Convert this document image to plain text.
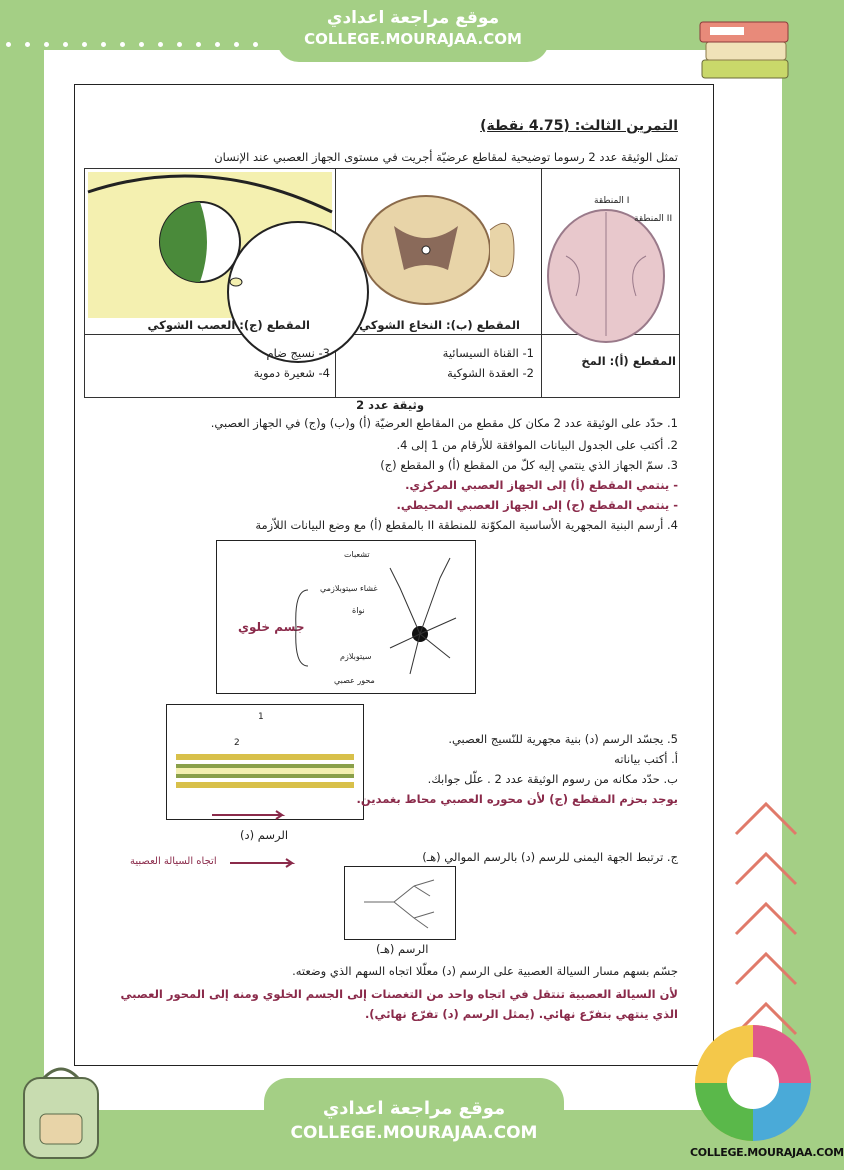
موقع مراجعة اعدادي
COLLEGE.MOURAJAA.COM
التمرين الثالث: (4.75 نقطة)
تمثل الوثيقة عدد 2 رسوما توضيحية لمقاطع عرضيّة أجريت في مستوى الجهاز العصبي عند الإنسان
المقطع (ج): العصب الشوكي	المقطع (ب): النخاع الشوكي
المنطقة I
المنطقة II
المقطع (أ): المخ
1- القناة السيسائية
2- العقدة الشوكية
3- نسيج ضام
4- شعيرة دموية
وثيقة عدد 2
1. حدّد على الوثيقة عدد 2 مكان كل مقطع من المقاطع العرضيّة (أ) و(ب) و(ج) في الجهاز العصبي.
2. أكتب على الجدول البيانات الموافقة للأرقام من 1 إلى 4.
3. سمّ الجهاز الذي ينتمي إليه كلّ من المقطع (أ) و المقطع (ج)
- ينتمي المقطع (أ) إلى الجهاز العصبي المركزي.
- ينتمي المقطع (ج) إلى الجهاز العصبي المحيطي.
4. أرسم البنية المجهرية الأساسية المكوّنة للمنطقة II بالمقطع (أ) مع وضع البيانات اللاّزمة
تشعبات
غشاء سيتوبلازمي
نواة
سيتوبلازم
محور عصبي
جسم خلوي
1
2
الرسم (د)
5. يجسّد الرسم (د) بنية مجهرية للنّسيج العصبي.
أ. أكتب بياناته
ب. حدّد مكانه من رسوم الوثيقة عدد 2 . علّل جوابك.
يوجد بحزم المقطع (ج) لأن محوره العصبي محاط بغمدين.
ج. ترتبط الجهة اليمنى للرسم (د) بالرسم الموالي (هـ)
اتجاه السيالة العصبية
الرسم (هـ)
جسّم بسهم مسار السيالة العصبية على الرسم (د) معلّلا اتجاه السهم الذي وضعته.
لأن السيالة العصبية تنتقل في اتجاه واحد من التغصنات إلى الجسم الخلوي ومنه إلى المحور العصبي الذي ينتهي بتفرّع نهائي. (يمثل الرسم (د) تفرّع نهائي).
موقع مراجعة اعدادي
COLLEGE.MOURAJAA.COM
COLLEGE.MOURAJAA.COM
